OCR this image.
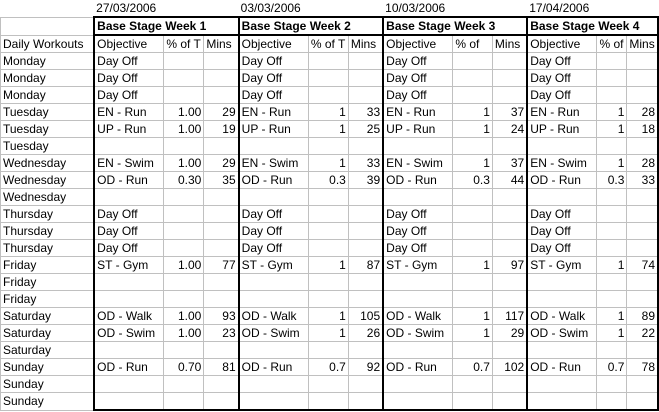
	27/03/2006			03/03/2006			10/03/2006			17/04/2006		
	Base Stage Week 1			Base Stage Week 2			Base Stage Week 3			Base Stage Week 4		
Daily Workouts	Objective	% of T	Mins	Objective	% of T	Mins	Objective	% of	Mins	Objective	% of	Mins
Monday	Day Off			Day Off			Day Off			Day Off		
Monday	Day Off			Day Off			Day Off			Day Off		
Monday	Day Off			Day Off			Day Off			Day Off		
Tuesday	EN - Run	1.00	29	EN - Run	1	33	EN - Run	1	37	EN - Run	1	28
Tuesday	UP - Run	1.00	19	UP - Run	1	25	UP - Run	1	24	UP - Run	1	18
Tuesday												
Wednesday	EN - Swim	1.00	29	EN - Swim	1	33	EN - Swim	1	37	EN - Swim	1	28
Wednesday	OD - Run	0.30	35	OD - Run	0.3	39	OD - Run	0.3	44	OD - Run	0.3	33
Wednesday												
Thursday	Day Off			Day Off			Day Off			Day Off		
Thursday	Day Off			Day Off			Day Off			Day Off		
Thursday	Day Off			Day Off			Day Off			Day Off		
Friday	ST - Gym	1.00	77	ST - Gym	1	87	ST - Gym	1	97	ST - Gym	1	74
Friday												
Friday												
Saturday	OD - Walk	1.00	93	OD - Walk	1	105	OD - Walk	1	117	OD - Walk	1	89
Saturday	OD - Swim	1.00	23	OD - Swim	1	26	OD - Swim	1	29	OD - Swim	1	22
Saturday												
Sunday	OD - Run	0.70	81	OD - Run	0.7	92	OD - Run	0.7	102	OD - Run	0.7	78
Sunday												
Sunday												
